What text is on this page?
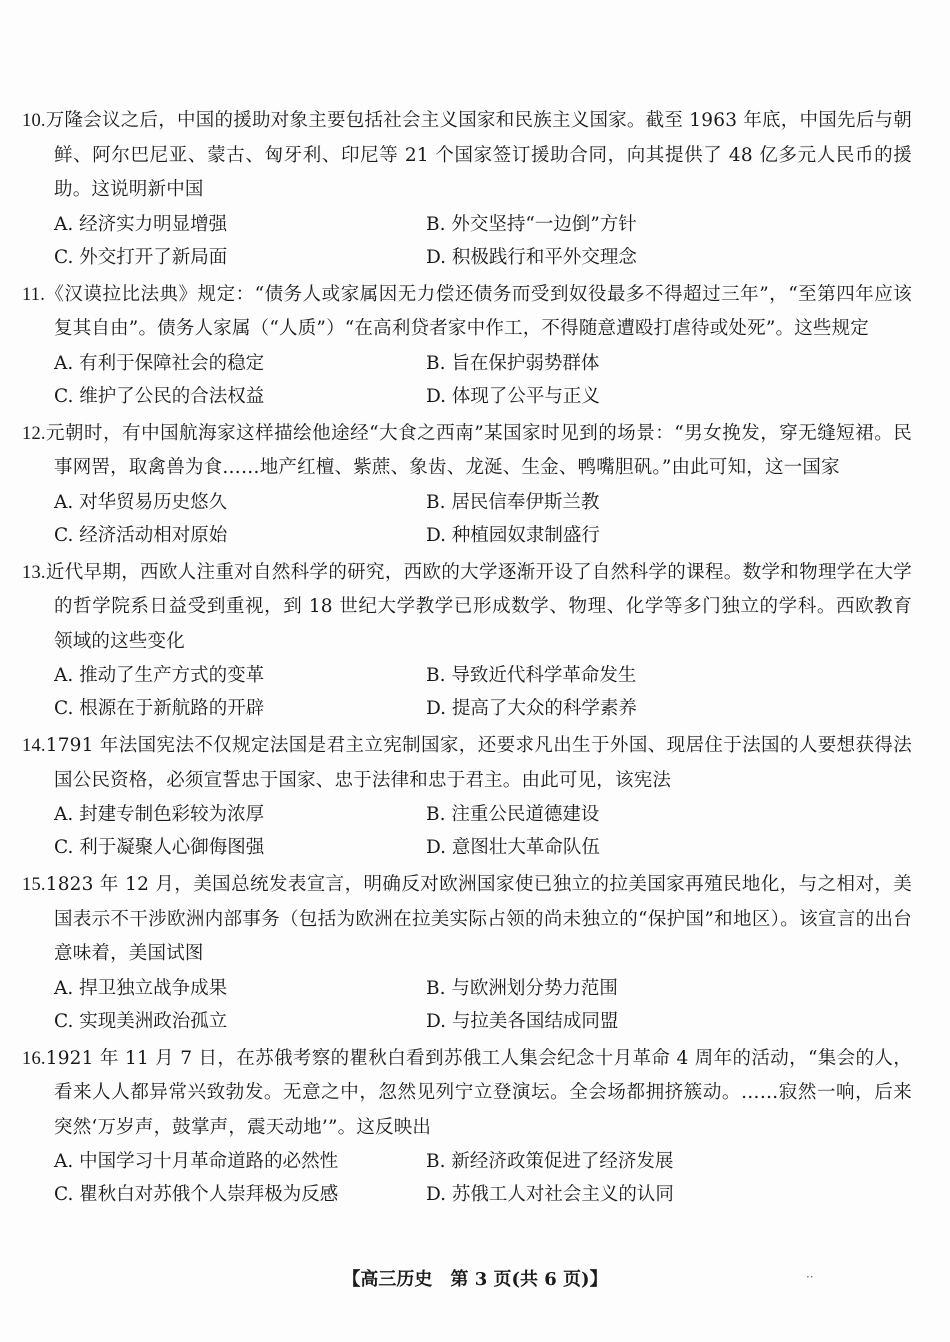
10.万隆会议之后，中国的援助对象主要包括社会主义国家和民族主义国家。截至 1963 年底，中国先后与朝鲜、阿尔巴尼亚、蒙古、匈牙利、印尼等 21 个国家签订援助合同，向其提供了 48 亿多元人民币的援助。这说明新中国
A. 经济实力明显增强	B. 外交坚持“一边倒”方针
C. 外交打开了新局面	D. 积极践行和平外交理念
11.《汉谟拉比法典》规定：“债务人或家属因无力偿还债务而受到奴役最多不得超过三年”，“至第四年应该复其自由”。债务人家属（“人质”）“在高利贷者家中作工，不得随意遭殴打虐待或处死”。这些规定
A. 有利于保障社会的稳定	B. 旨在保护弱势群体
C. 维护了公民的合法权益	D. 体现了公平与正义
12.元朝时，有中国航海家这样描绘他途经“大食之西南”某国家时见到的场景：“男女挽发，穿无缝短裙。民事网罟，取禽兽为食……地产红檀、紫蔗、象齿、龙涎、生金、鸭嘴胆矾。”由此可知，这一国家
A. 对华贸易历史悠久	B. 居民信奉伊斯兰教
C. 经济活动相对原始	D. 种植园奴隶制盛行
13.近代早期，西欧人注重对自然科学的研究，西欧的大学逐渐开设了自然科学的课程。数学和物理学在大学的哲学院系日益受到重视，到 18 世纪大学教学已形成数学、物理、化学等多门独立的学科。西欧教育领域的这些变化
A. 推动了生产方式的变革	B. 导致近代科学革命发生
C. 根源在于新航路的开辟	D. 提高了大众的科学素养
14.1791 年法国宪法不仅规定法国是君主立宪制国家，还要求凡出生于外国、现居住于法国的人要想获得法国公民资格，必须宣誓忠于国家、忠于法律和忠于君主。由此可见，该宪法
A. 封建专制色彩较为浓厚	B. 注重公民道德建设
C. 利于凝聚人心御侮图强	D. 意图壮大革命队伍
15.1823 年 12 月，美国总统发表宣言，明确反对欧洲国家使已独立的拉美国家再殖民地化，与之相对，美国表示不干涉欧洲内部事务（包括为欧洲在拉美实际占领的尚未独立的“保护国”和地区）。该宣言的出台意味着，美国试图
A. 捍卫独立战争成果	B. 与欧洲划分势力范围
C. 实现美洲政治孤立	D. 与拉美各国结成同盟
16.1921 年 11 月 7 日，在苏俄考察的瞿秋白看到苏俄工人集会纪念十月革命 4 周年的活动，“集会的人，看来人人都异常兴致勃发。无意之中，忽然见列宁立登演坛。全会场都拥挤簇动。……寂然一响，后来突然‘万岁声，鼓掌声，震天动地’”。这反映出
A. 中国学习十月革命道路的必然性	B. 新经济政策促进了经济发展
C. 瞿秋白对苏俄个人崇拜极为反感	D. 苏俄工人对社会主义的认同
【高三历史　第 3 页(共 6 页)】	··
